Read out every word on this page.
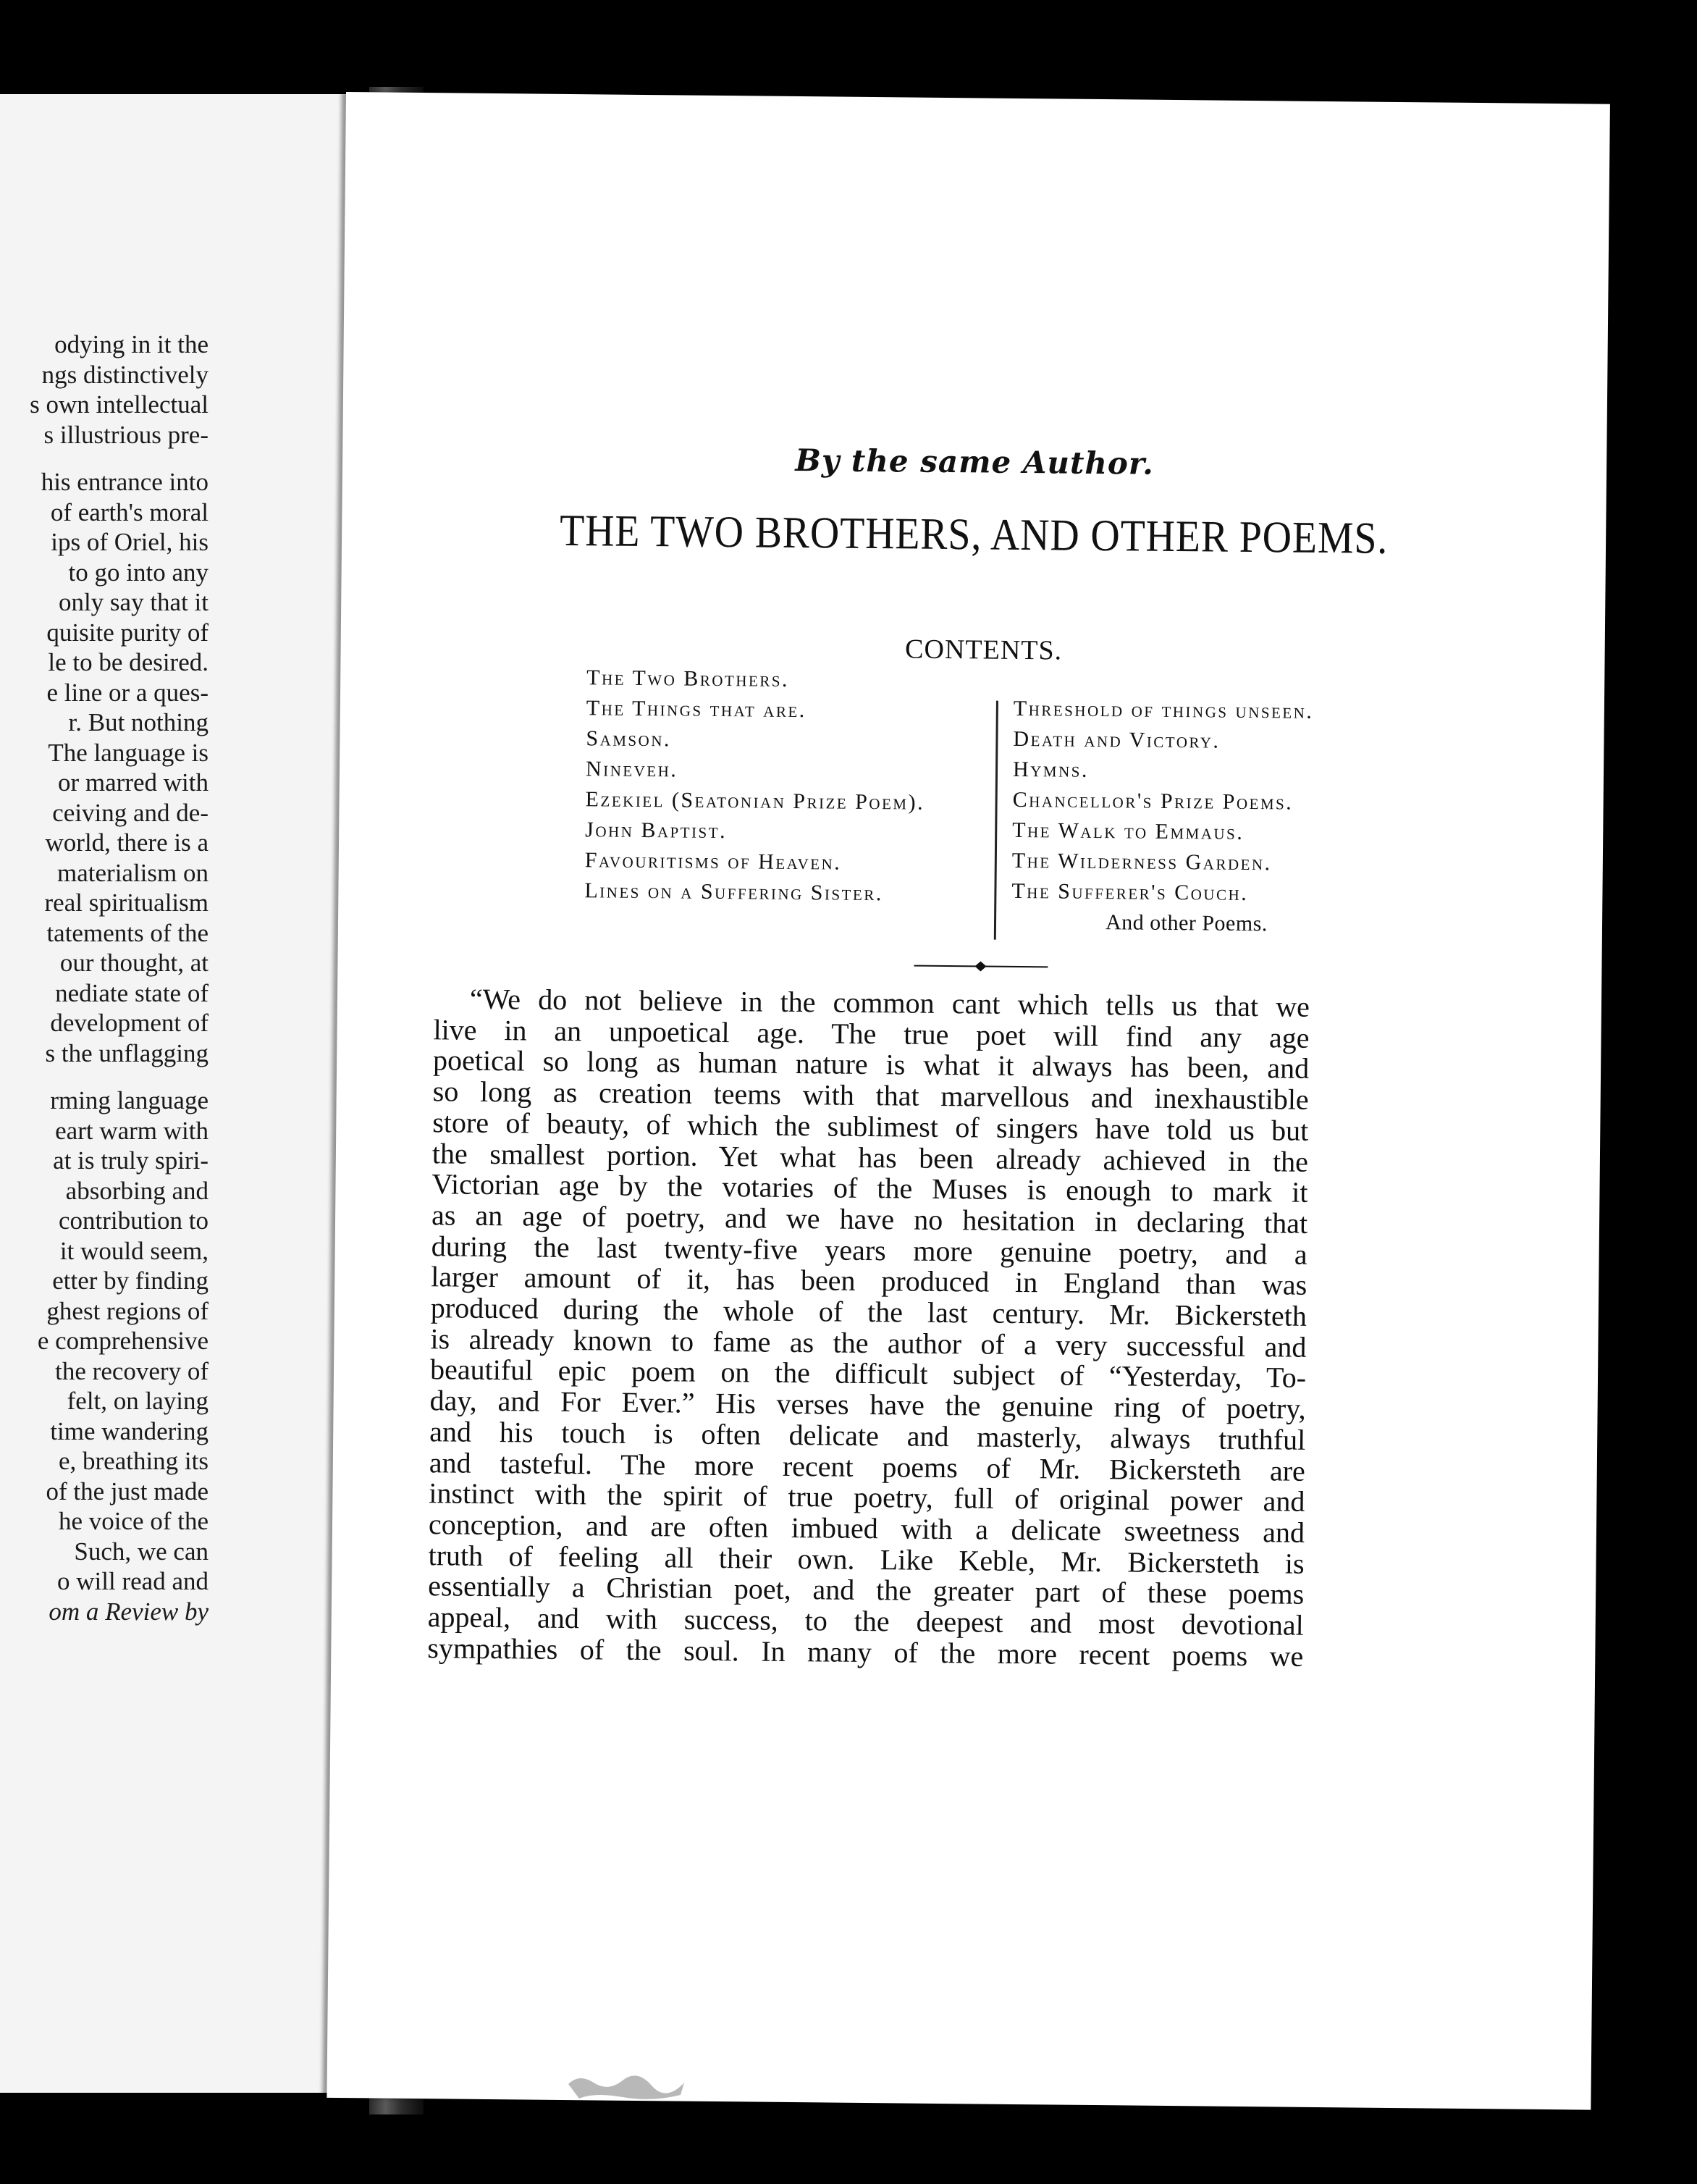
odying in it the
ngs distinctively
s own intellectual
s illustrious pre-
his entrance into
of earth's moral
ips of Oriel, his
to go into any
only say that it
quisite purity of
le to be desired.
e line or a ques-
r. But nothing
The language is
or marred with
ceiving and de-
world, there is a
materialism on
real spiritualism
tatements of the
our thought, at
nediate state of
development of
s the unflagging
rming language
eart warm with
at is truly spiri-
absorbing and
contribution to
it would seem,
etter by finding
ghest regions of
e comprehensive
the recovery of
felt, on laying
time wandering
e, breathing its
of the just made
he voice of the
Such, we can
o will read and
om a Review by
By the same Author.
THE TWO BROTHERS, AND OTHER POEMS.
CONTENTS.
The Two Brothers.
The Things that are.
Samson.
Nineveh.
Ezekiel (Seatonian Prize Poem).
John Baptist.
Favouritisms of Heaven.
Lines on a Suffering Sister.
Threshold of things unseen.
Death and Victory.
Hymns.
Chancellor's Prize Poems.
The Walk to Emmaus.
The Wilderness Garden.
The Sufferer's Couch.
And other Poems.
“We do not believe in the common cant which tells us that we
live in an unpoetical age. The true poet will find any age
poetical so long as human nature is what it always has been, and
so long as creation teems with that marvellous and inexhaustible
store of beauty, of which the sublimest of singers have told us but
the smallest portion. Yet what has been already achieved in the
Victorian age by the votaries of the Muses is enough to mark it
as an age of poetry, and we have no hesitation in declaring that
during the last twenty-five years more genuine poetry, and a
larger amount of it, has been produced in England than was
produced during the whole of the last century. Mr. Bickersteth
is already known to fame as the author of a very successful and
beautiful epic poem on the difficult subject of “Yesterday, To-
day, and For Ever.” His verses have the genuine ring of poetry,
and his touch is often delicate and masterly, always truthful
and tasteful. The more recent poems of Mr. Bickersteth are
instinct with the spirit of true poetry, full of original power and
conception, and are often imbued with a delicate sweetness and
truth of feeling all their own. Like Keble, Mr. Bickersteth is
essentially a Christian poet, and the greater part of these poems
appeal, and with success, to the deepest and most devotional
sympathies of the soul. In many of the more recent poems we
